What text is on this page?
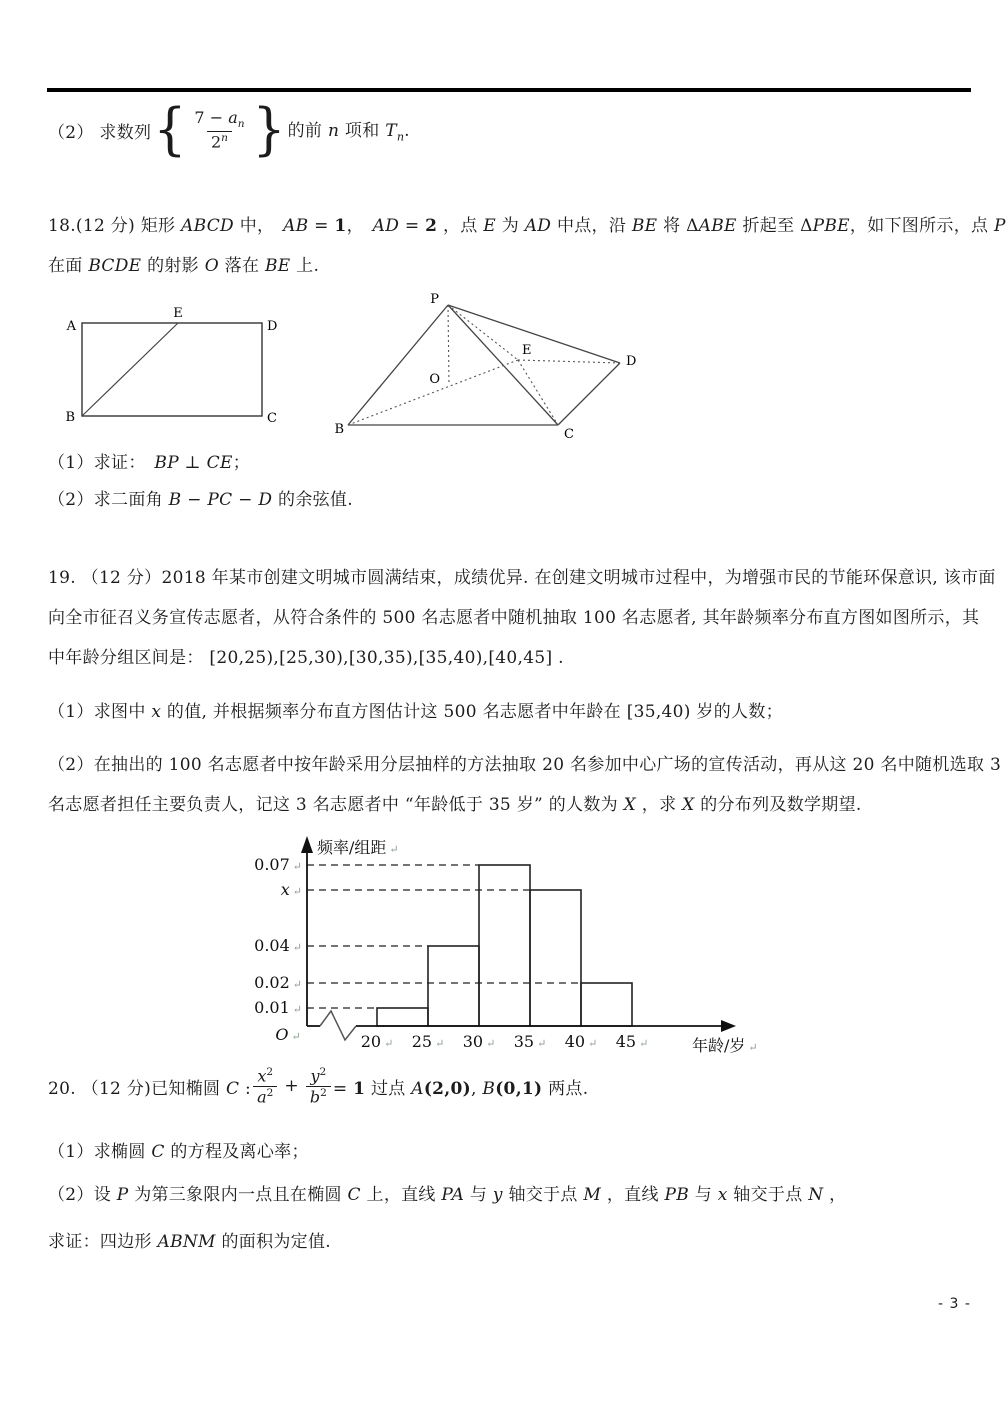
（2） 求数列 { $\frac{7 - a_n}{2^n}$ } 的前 n 项和 $T_n$.
18.(12 分) 矩形 ABCD 中，　AB = 1，　AD = 2 ，点 E 为 AD 中点，沿 BE 将 ΔABE 折起至 ΔPBE，如下图所示，点 P
在面 BCDE 的射影 O 落在 BE 上.
A
E
D
B	C
P
B	C
D
E
O
（1）求证：　BP ⊥ CE；
（2）求二面角 B − PC − D 的余弦值.
19. （12 分）2018 年某市创建文明城市圆满结束，成绩优异. 在创建文明城市过程中，为增强市民的节能环保意识, 该市面
向全市征召义务宣传志愿者，从符合条件的 500 名志愿者中随机抽取 100 名志愿者, 其年龄频率分布直方图如图所示，其
中年龄分组区间是： [20,25),[25,30),[30,35),[35,40),[40,45] .
（1）求图中 x 的值, 并根据频率分布直方图估计这 500 名志愿者中年龄在 [35,40) 岁的人数；
（2）在抽出的 100 名志愿者中按年龄采用分层抽样的方法抽取 20 名参加中心广场的宣传活动，再从这 20 名中随机选取 3
名志愿者担任主要负责人，记这 3 名志愿者中 “年龄低于 35 岁” 的人数为 X ，求 X 的分布列及数学期望.
0.07 ↵
x ↵
0.04 ↵
0.02 ↵
0.01 ↵
20 ↵ 25 ↵ 30 ↵ 35 ↵ 40 ↵ 45 ↵
O ↵
频率/组距 ↵
年龄/岁 ↵
20. （12 分)已知椭圆 C : $\frac{x^2}{a^2} + \frac{y^2}{b^2} = 1$ 过点 A(2,0), B(0,1) 两点.
（1）求椭圆 C 的方程及离心率；
（2）设 P 为第三象限内一点且在椭圆 C 上，直线 PA 与 y 轴交于点 M ，直线 PB 与 x 轴交于点 N ，
求证：四边形 ABNM 的面积为定值.
- 3 -
